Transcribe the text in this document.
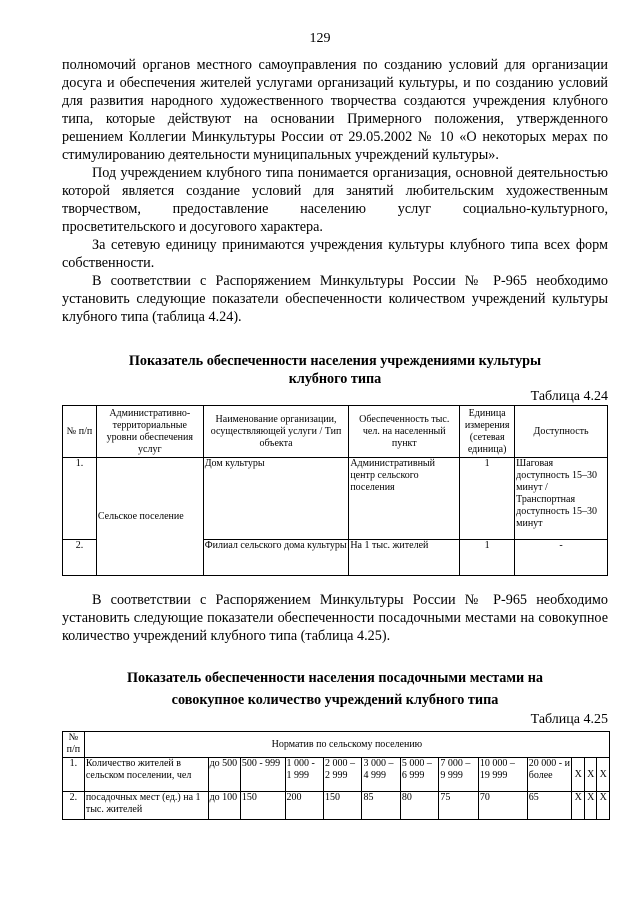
129

полномочий органов местного самоуправления по созданию условий для организации досуга и обеспечения жителей услугами организаций культуры, и по созданию условий для развития народного художественного творчества создаются учреждения клубного типа, которые действуют на основании Примерного положения, утвержденного решением Коллегии Минкультуры России от 29.05.2002 № 10 «О некоторых мерах по стимулированию деятельности муниципальных учреждений культуры».

Под учреждением клубного типа понимается организация, основной деятельностью которой является создание условий для занятий любительским художественным творчеством, предоставление населению услуг социально-культурного, просветительского и досугового характера.

За сетевую единицу принимаются учреждения культуры клубного типа всех форм собственности.

В соответствии с Распоряжением Минкультуры России № Р-965 необходимо установить следующие показатели обеспеченности количеством учреждений культуры клубного типа (таблица 4.24).

Показатель обеспеченности населения учреждениями культуры
клубного типа
Таблица 4.24
№ п/п	Административно-территориальные уровни обеспечения услуг	Наименование организации, осуществляющей услуги / Тип объекта	Обеспеченность тыс. чел. на населенный пункт	Единица измерения (сетевая единица)	Доступность
1.	Сельское поселение	Дом культуры	Административный центр сельского поселения	1	Шаговая доступность 15–30 минут / Транспортная доступность 15–30 минут
2.		Филиал сельского дома культуры	На 1 тыс. жителей	1	-

В соответствии с Распоряжением Минкультуры России № Р-965 необходимо установить следующие показатели обеспеченности посадочными местами на совокупное количество учреждений клубного типа (таблица 4.25).

Показатель обеспеченности населения посадочными местами на
совокупное количество учреждений клубного типа
Таблица 4.25
№ п/п	Норматив по сельскому поселению												
1.	Количество жителей в сельском поселении, чел	до 500	500 - 999	1 000 - 1 999	2 000 – 2 999	3 000 – 4 999	5 000 – 6 999	7 000 – 9 999	10 000 – 19 999	20 000 - и более	X	X	X
2.	посадочных мест (ед.) на 1 тыс. жителей	до 100	150	200	150	85	80	75	70	65	X	X	X
